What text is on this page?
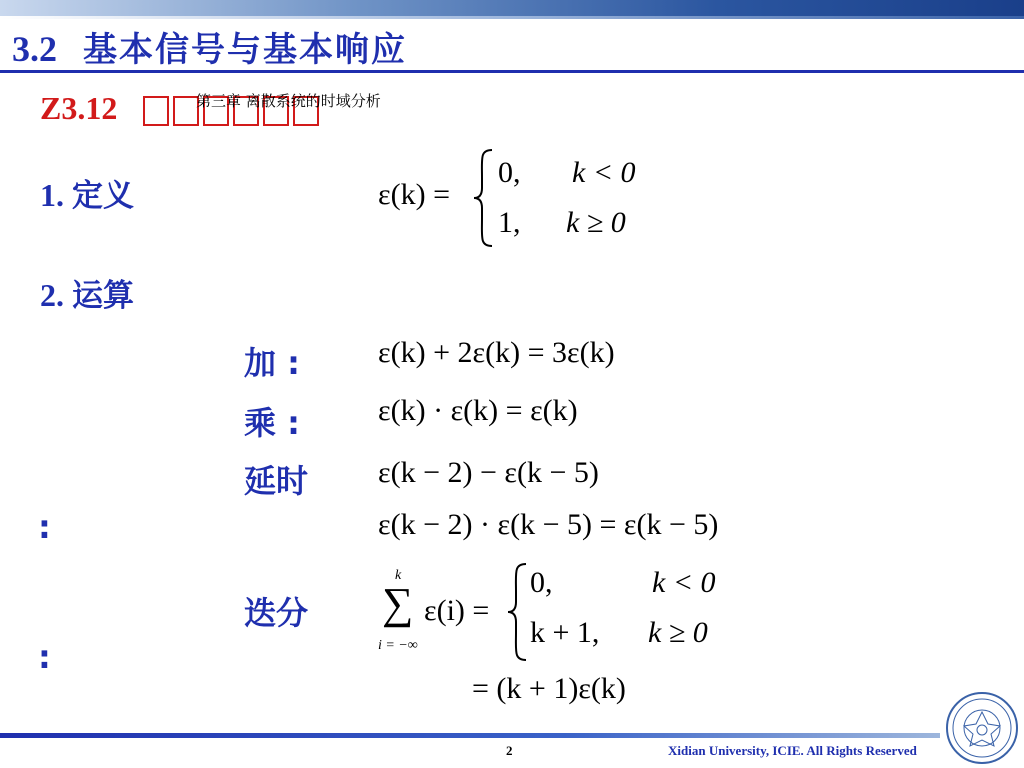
3.2 基本信号与基本响应
Z3.12	第三章 离散系统的时域分析
1. 定义	ε(k) =
0, k < 0
1, k ≥ 0
2. 运算
加 :	ε(k) + 2ε(k) = 3ε(k)
乘 :	ε(k) · ε(k) = ε(k)
延时
:
ε(k − 2) − ε(k − 5)
ε(k − 2) · ε(k − 5) = ε(k − 5)
迭分
:
k
∑
i = −∞
ε(i) =
0,	k < 0
k + 1, k ≥ 0
= (k + 1)ε(k)
2	Xidian University, ICIE. All Rights Reserved
